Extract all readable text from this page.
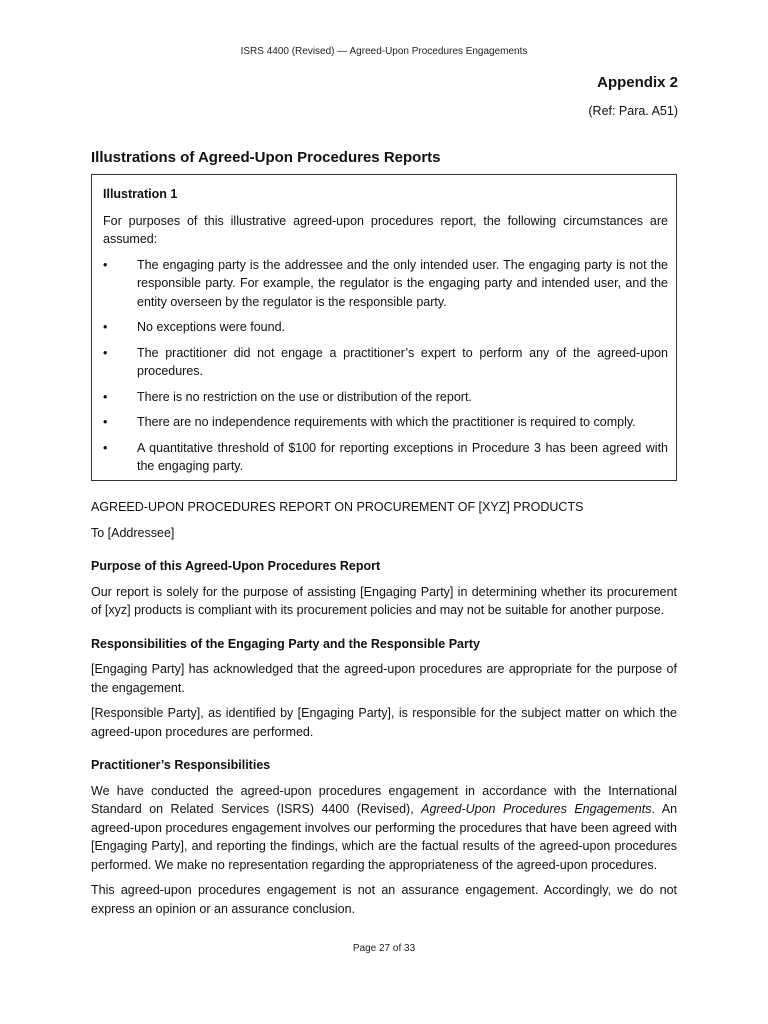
ISRS 4400 (Revised) — Agreed-Upon Procedures Engagements
Appendix 2
(Ref: Para. A51)
Illustrations of Agreed-Upon Procedures Reports

Illustration 1

For purposes of this illustrative agreed-upon procedures report, the following circumstances are assumed:

• The engaging party is the addressee and the only intended user. The engaging party is not the responsible party. For example, the regulator is the engaging party and intended user, and the entity overseen by the regulator is the responsible party.
• No exceptions were found.
• The practitioner did not engage a practitioner’s expert to perform any of the agreed-upon procedures.
• There is no restriction on the use or distribution of the report.
• There are no independence requirements with which the practitioner is required to comply.
• A quantitative threshold of $100 for reporting exceptions in Procedure 3 has been agreed with the engaging party.

AGREED-UPON PROCEDURES REPORT ON PROCUREMENT OF [XYZ] PRODUCTS

To [Addressee]

Purpose of this Agreed-Upon Procedures Report

Our report is solely for the purpose of assisting [Engaging Party] in determining whether its procurement of [xyz] products is compliant with its procurement policies and may not be suitable for another purpose.

Responsibilities of the Engaging Party and the Responsible Party

[Engaging Party] has acknowledged that the agreed-upon procedures are appropriate for the purpose of the engagement.

[Responsible Party], as identified by [Engaging Party], is responsible for the subject matter on which the agreed-upon procedures are performed.

Practitioner’s Responsibilities

We have conducted the agreed-upon procedures engagement in accordance with the International Standard on Related Services (ISRS) 4400 (Revised), Agreed-Upon Procedures Engagements. An agreed-upon procedures engagement involves our performing the procedures that have been agreed with [Engaging Party], and reporting the findings, which are the factual results of the agreed-upon procedures performed. We make no representation regarding the appropriateness of the agreed-upon procedures.

This agreed-upon procedures engagement is not an assurance engagement. Accordingly, we do not express an opinion or an assurance conclusion.

Page 27 of 33
